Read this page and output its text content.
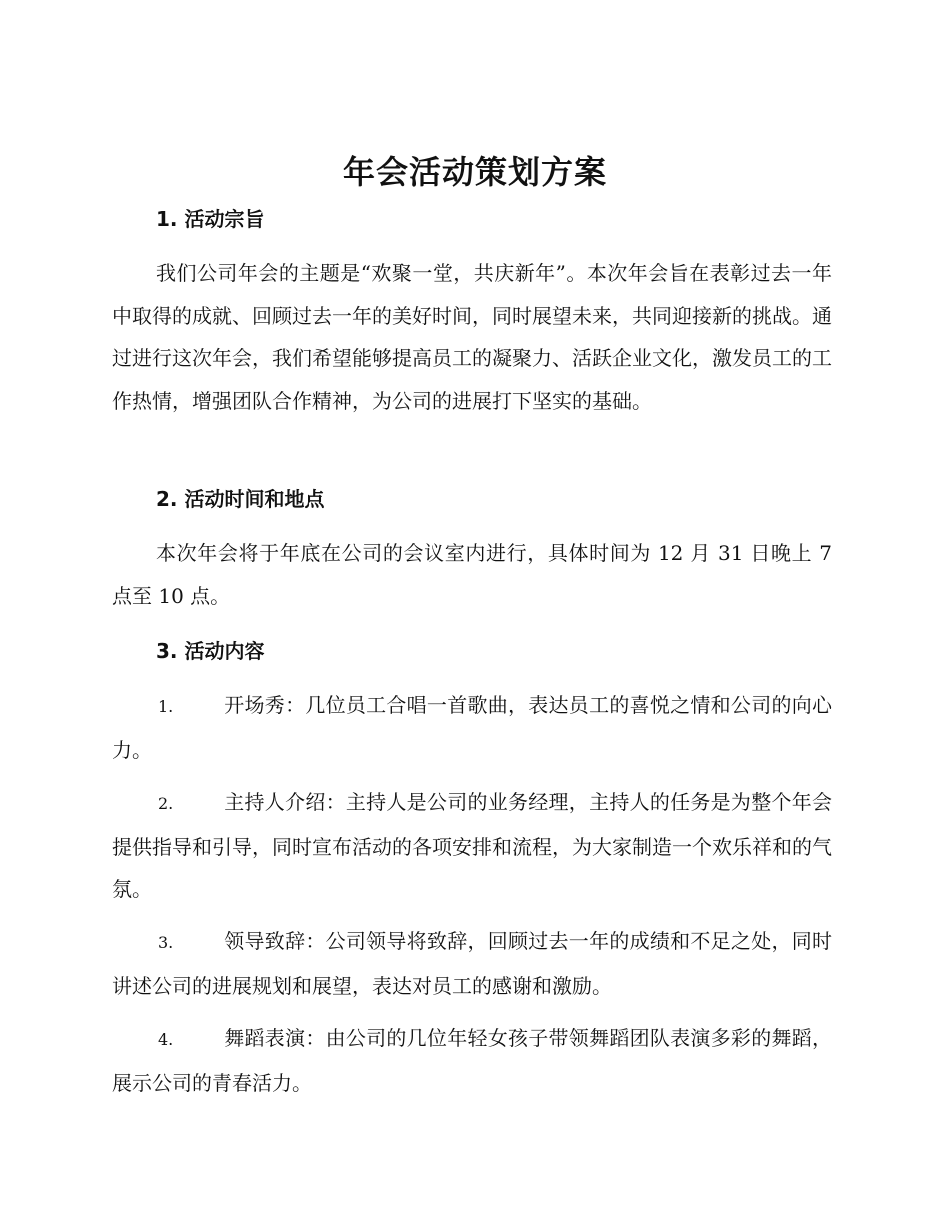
年会活动策划方案
1. 活动宗旨

我们公司年会的主题是“欢聚一堂，共庆新年”。本次年会旨在表彰过去一年中取得的成就、回顾过去一年的美好时间，同时展望未来，共同迎接新的挑战。通过进行这次年会，我们希望能够提高员工的凝聚力、活跃企业文化，激发员工的工作热情，增强团队合作精神，为公司的进展打下坚实的基础。

2. 活动时间和地点

本次年会将于年底在公司的会议室内进行，具体时间为 12 月 31 日晚上 7 点至 10 点。

3. 活动内容

1.	开场秀：几位员工合唱一首歌曲，表达员工的喜悦之情和公司的向心力。

2.	主持人介绍：主持人是公司的业务经理，主持人的任务是为整个年会提供指导和引导，同时宣布活动的各项安排和流程，为大家制造一个欢乐祥和的气氛。

3.	领导致辞：公司领导将致辞，回顾过去一年的成绩和不足之处，同时讲述公司的进展规划和展望，表达对员工的感谢和激励。

4.	舞蹈表演：由公司的几位年轻女孩子带领舞蹈团队表演多彩的舞蹈，展示公司的青春活力。
